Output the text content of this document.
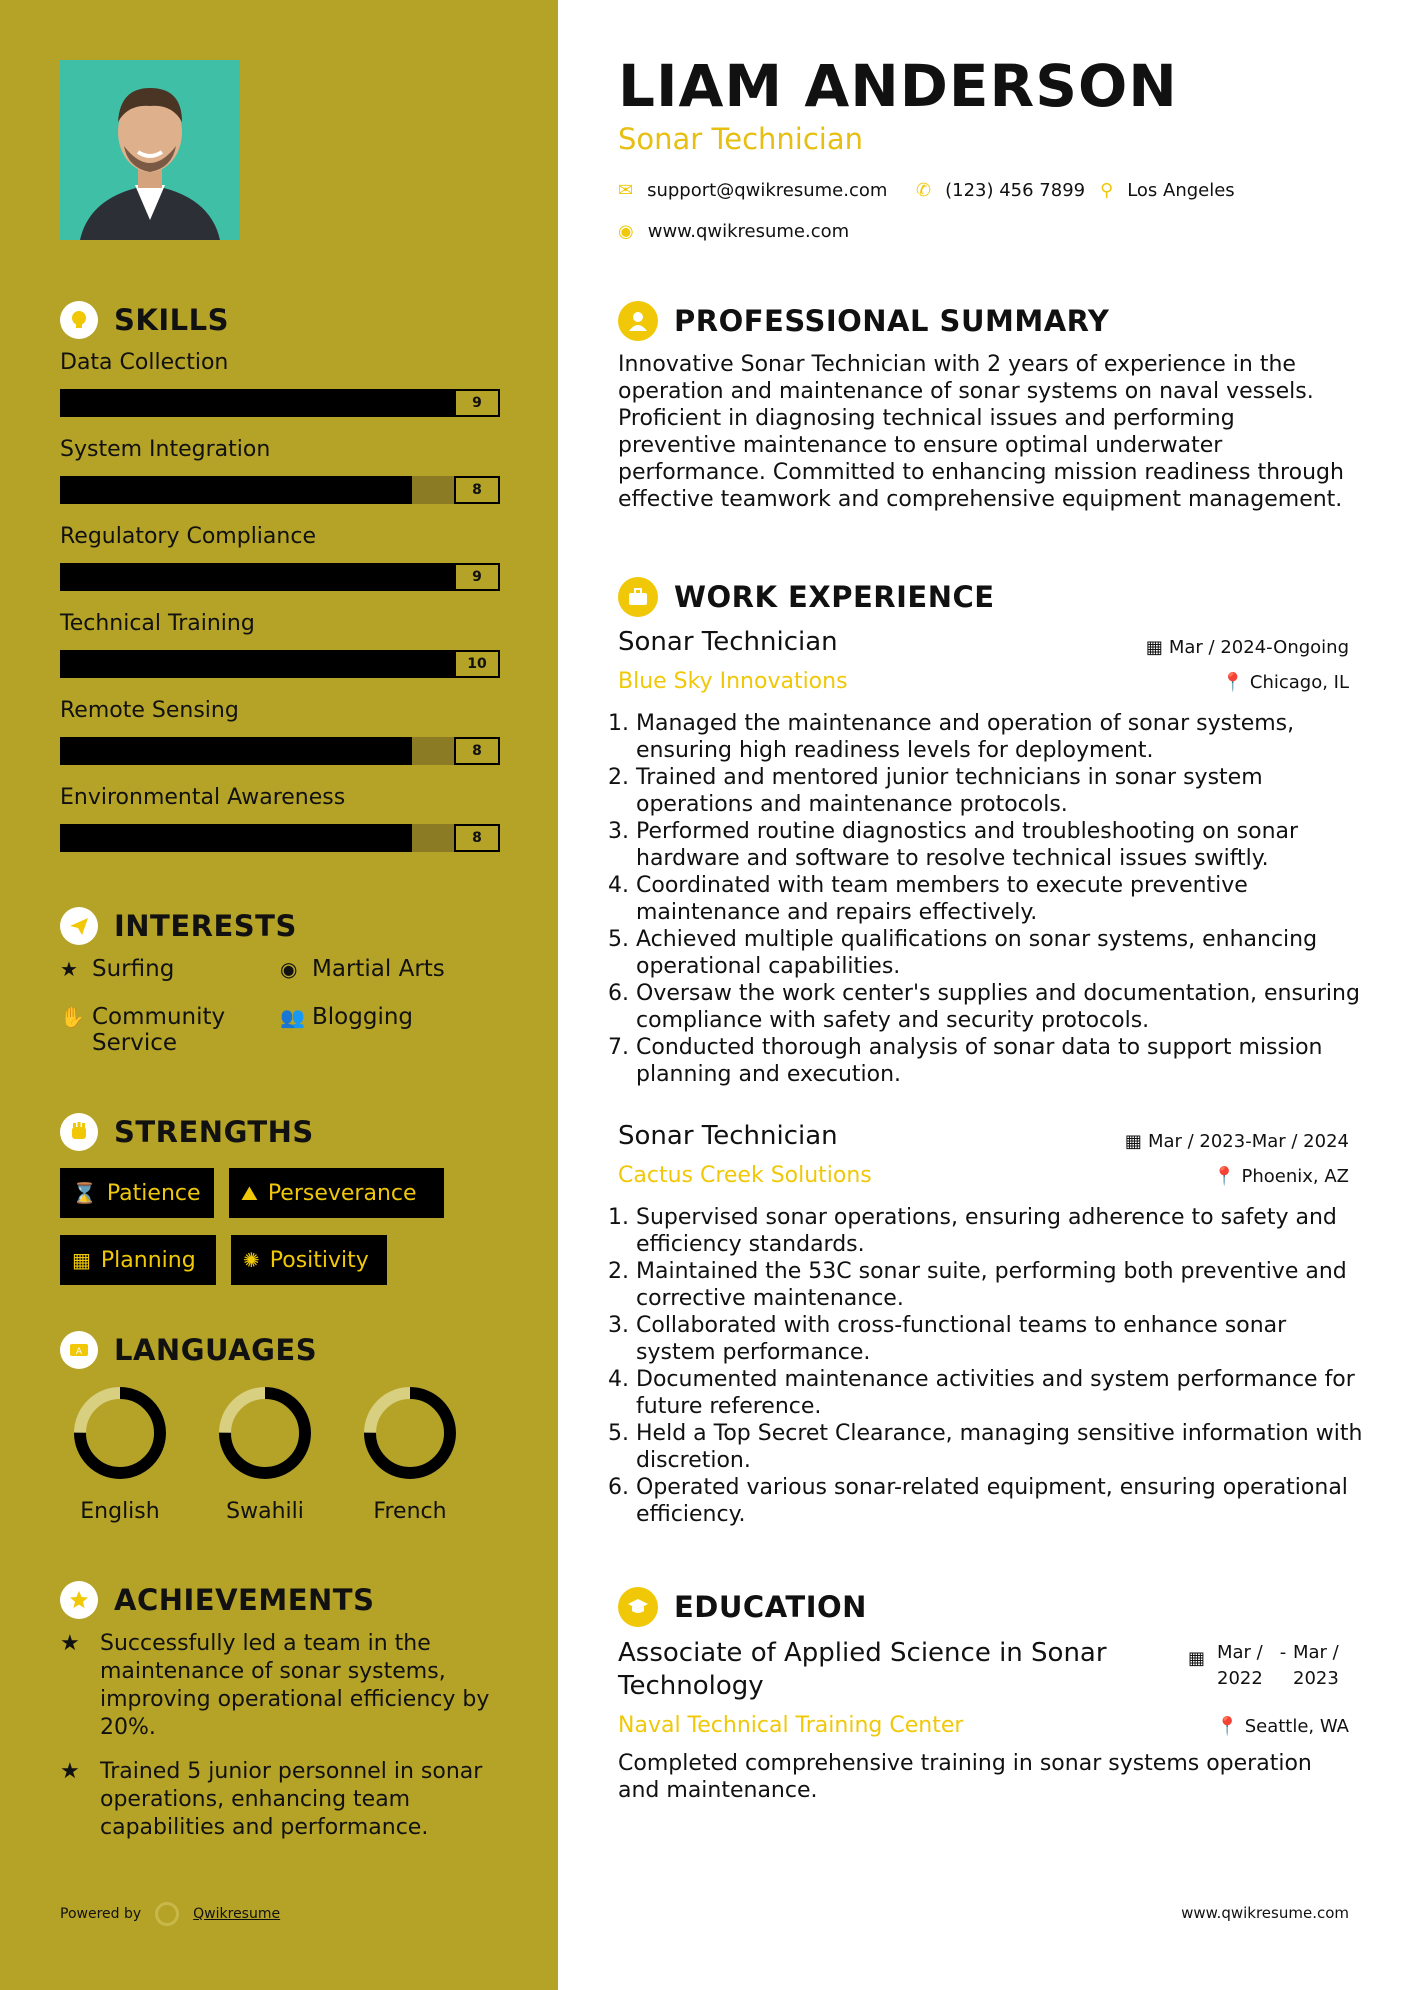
SKILLS
Data Collection
9
System Integration
8
Regulatory Compliance
9
Technical Training
10
Remote Sensing
8
Environmental Awareness
8
INTERESTS
★ Surfing	◉ Martial Arts
✋ Community Service
👥 Blogging
STRENGTHS
⌛ Patience ⛰ Perseverance
▦ Planning ✺ Positivity
A LANGUAGES
English	Swahili	French
ACHIEVEMENTS
★ Successfully led a team in the maintenance of sonar systems, improving operational efficiency by 20%.
★ Trained 5 junior personnel in sonar operations, enhancing team capabilities and performance.
Powered by	Qwikresume
LIAM ANDERSON
Sonar Technician
✉ support@qwikresume.com ✆ (123) 456 7899 ⚲ Los Angeles
◉ www.qwikresume.com
PROFESSIONAL SUMMARY
Innovative Sonar Technician with 2 years of experience in the operation and maintenance of sonar systems on naval vessels. Proficient in diagnosing technical issues and performing preventive maintenance to ensure optimal underwater performance. Committed to enhancing mission readiness through effective teamwork and comprehensive equipment management.
WORK EXPERIENCE
Sonar Technician	▦ Mar / 2024-Ongoing
Blue Sky Innovations	📍 Chicago, IL
1. Managed the maintenance and operation of sonar systems, ensuring high readiness levels for deployment.
2. Trained and mentored junior technicians in sonar system operations and maintenance protocols.
3. Performed routine diagnostics and troubleshooting on sonar hardware and software to resolve technical issues swiftly.
4. Coordinated with team members to execute preventive maintenance and repairs effectively.
5. Achieved multiple qualifications on sonar systems, enhancing operational capabilities.
6. Oversaw the work center's supplies and documentation, ensuring compliance with safety and security protocols.
7. Conducted thorough analysis of sonar data to support mission planning and execution.
Sonar Technician	▦ Mar / 2023-Mar / 2024
Cactus Creek Solutions	📍 Phoenix, AZ
1. Supervised sonar operations, ensuring adherence to safety and efficiency standards.
2. Maintained the 53C sonar suite, performing both preventive and corrective maintenance.
3. Collaborated with cross-functional teams to enhance sonar system performance.
4. Documented maintenance activities and system performance for future reference.
5. Held a Top Secret Clearance, managing sensitive information with discretion.
6. Operated various sonar-related equipment, ensuring operational efficiency.
EDUCATION
Associate of Applied Science in Sonar Technology
▦ Mar / 2022
- Mar / 2023
Naval Technical Training Center	📍 Seattle, WA
Completed comprehensive training in sonar systems operation and maintenance.
www.qwikresume.com
